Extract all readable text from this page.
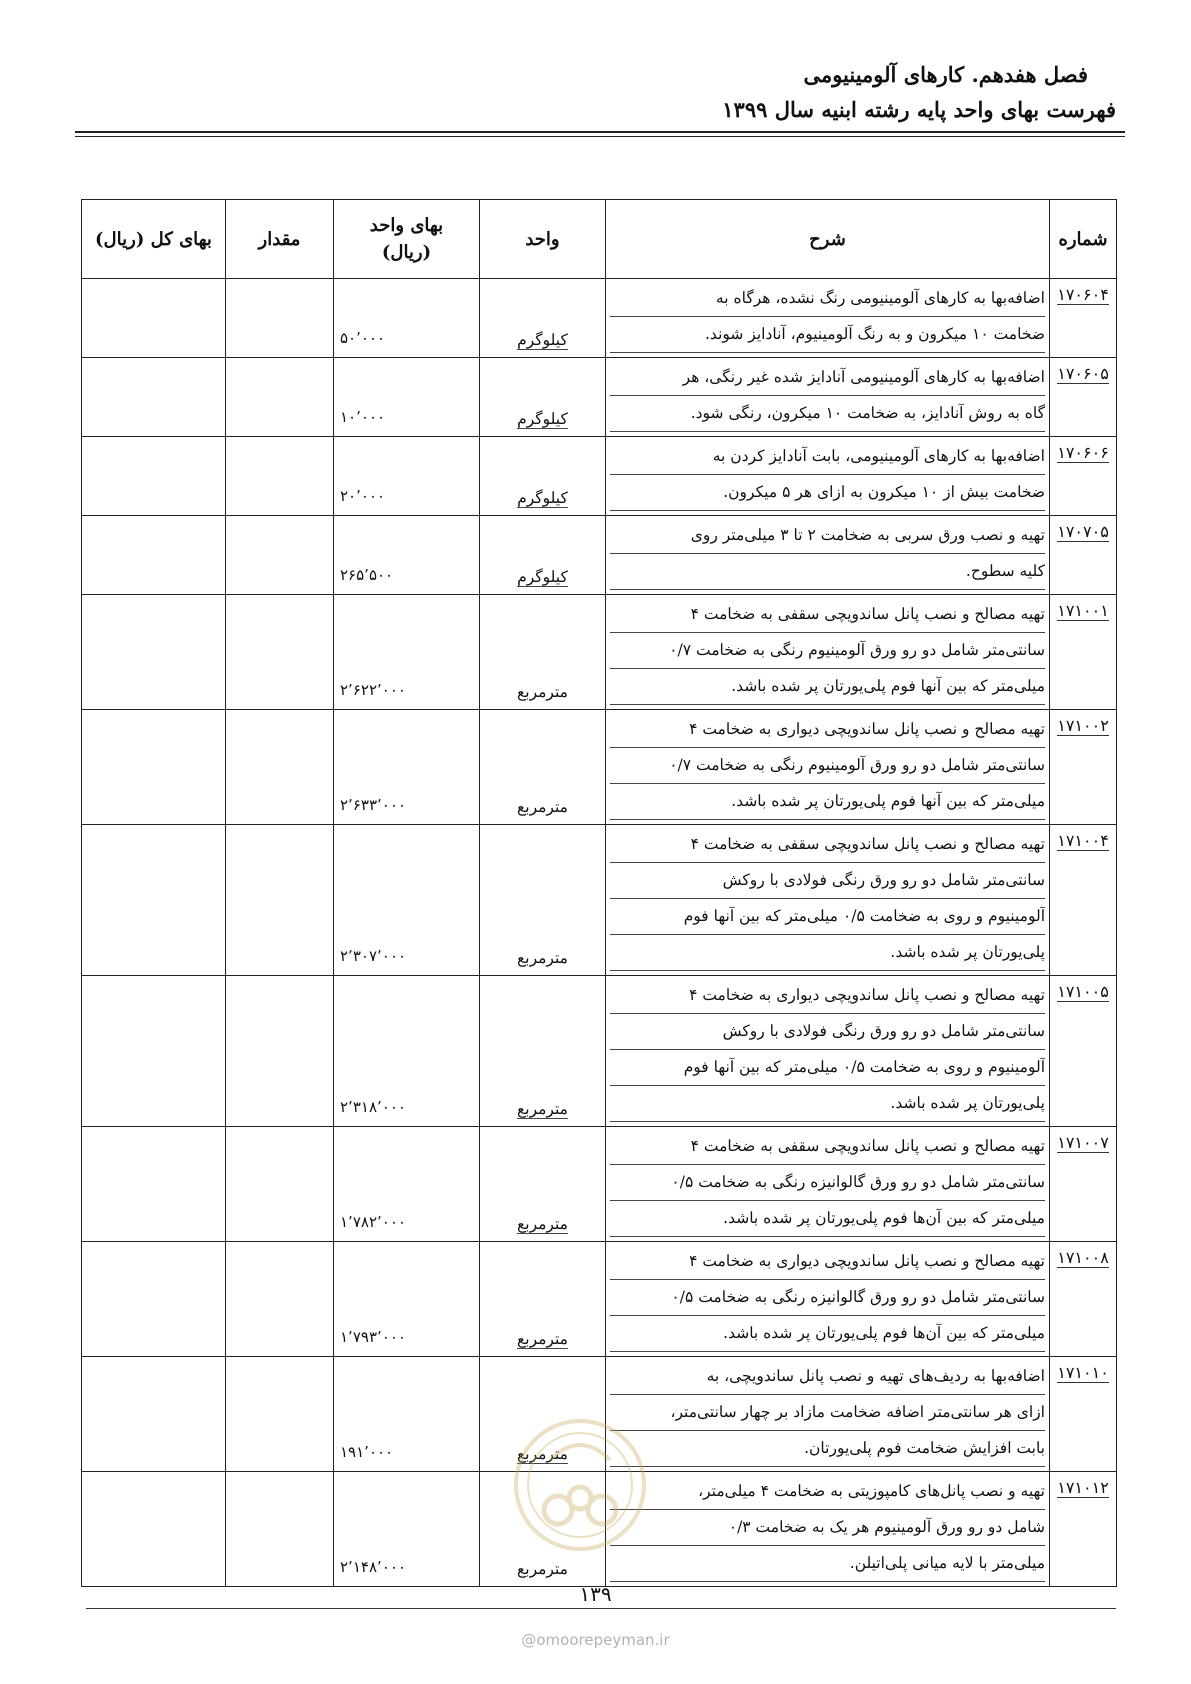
فصل هفدهم. کارهای آلومینیومی
فهرست بهای واحد پایه رشته ابنیه سال ۱۳۹۹
شماره	شرح	واحد	بهای واحد
(ریال)	مقدار	بهای کل (ریال)
۱۷۰۶۰۴	اضافه‌بها به کارهای آلومینیومی رنگ نشده، هرگاه به
ضخامت ۱۰ میکرون و به رنگ آلومینیوم، آنادایز شوند.	کیلوگرم	۵۰٬۰۰۰		
۱۷۰۶۰۵	اضافه‌بها به کارهای آلومینیومی آنادایز شده غیر رنگی، هر
گاه به روش آنادایز، به ضخامت ۱۰ میکرون، رنگی شود.	کیلوگرم	۱۰٬۰۰۰		
۱۷۰۶۰۶	اضافه‌بها به کارهای آلومینیومی، بابت آنادایز کردن به
ضخامت بیش از ۱۰ میکرون به ازای هر ۵ میکرون.	کیلوگرم	۲۰٬۰۰۰		
۱۷۰۷۰۵	تهیه و نصب ورق سربی به ضخامت ۲ تا ۳ میلی‌متر روی
کلیه سطوح.	کیلوگرم	۲۶۵٬۵۰۰		
۱۷۱۰۰۱	تهیه مصالح و نصب پانل ساندویچی سقفی به ضخامت ۴
سانتی‌متر شامل دو رو ورق آلومینیوم رنگی به ضخامت ۰/۷
میلی‌متر که بین آنها فوم پلی‌یورتان پر شده باشد.	مترمربع	۲٬۶۲۲٬۰۰۰		
۱۷۱۰۰۲	تهیه مصالح و نصب پانل ساندویچی دیواری به ضخامت ۴
سانتی‌متر شامل دو رو ورق آلومینیوم رنگی به ضخامت ۰/۷
میلی‌متر که بین آنها فوم پلی‌یورتان پر شده باشد.	مترمربع	۲٬۶۳۳٬۰۰۰		
۱۷۱۰۰۴	تهیه مصالح و نصب پانل ساندویچی سقفی به ضخامت ۴
سانتی‌متر شامل دو رو ورق رنگی فولادی با روکش
آلومینیوم و روی به ضخامت ۰/۵ میلی‌متر که بین آنها فوم
پلی‌یورتان پر شده باشد.	مترمربع	۲٬۳۰۷٬۰۰۰		
۱۷۱۰۰۵	تهیه مصالح و نصب پانل ساندویچی دیواری به ضخامت ۴
سانتی‌متر شامل دو رو ورق رنگی فولادی با روکش
آلومینیوم و روی به ضخامت ۰/۵ میلی‌متر که بین آنها فوم
پلی‌یورتان پر شده باشد.	مترمربع	۲٬۳۱۸٬۰۰۰		
۱۷۱۰۰۷	تهیه مصالح و نصب پانل ساندویچی سقفی به ضخامت ۴
سانتی‌متر شامل دو رو ورق گالوانیزه رنگی به ضخامت ۰/۵
میلی‌متر که بین آن‌ها فوم پلی‌یورتان پر شده باشد.	مترمربع	۱٬۷۸۲٬۰۰۰		
۱۷۱۰۰۸	تهیه مصالح و نصب پانل ساندویچی دیواری به ضخامت ۴
سانتی‌متر شامل دو رو ورق گالوانیزه رنگی به ضخامت ۰/۵
میلی‌متر که بین آن‌ها فوم پلی‌یورتان پر شده باشد.	مترمربع	۱٬۷۹۳٬۰۰۰		
۱۷۱۰۱۰	اضافه‌بها به ردیف‌های تهیه و نصب پانل ساندویچی، به
ازای هر سانتی‌متر اضافه ضخامت مازاد بر چهار سانتی‌متر،
بابت افزایش ضخامت فوم پلی‌یورتان.	مترمربع	۱۹۱٬۰۰۰		
۱۷۱۰۱۲	تهیه و نصب پانل‌های کامپوزیتی به ضخامت ۴ میلی‌متر،
شامل دو رو ورق آلومینیوم هر یک به ضخامت ۰/۳
میلی‌متر با لایه میانی پلی‌اتیلن.	مترمربع	۲٬۱۴۸٬۰۰۰		
۱۳۹
@omoorepeyman.ir
